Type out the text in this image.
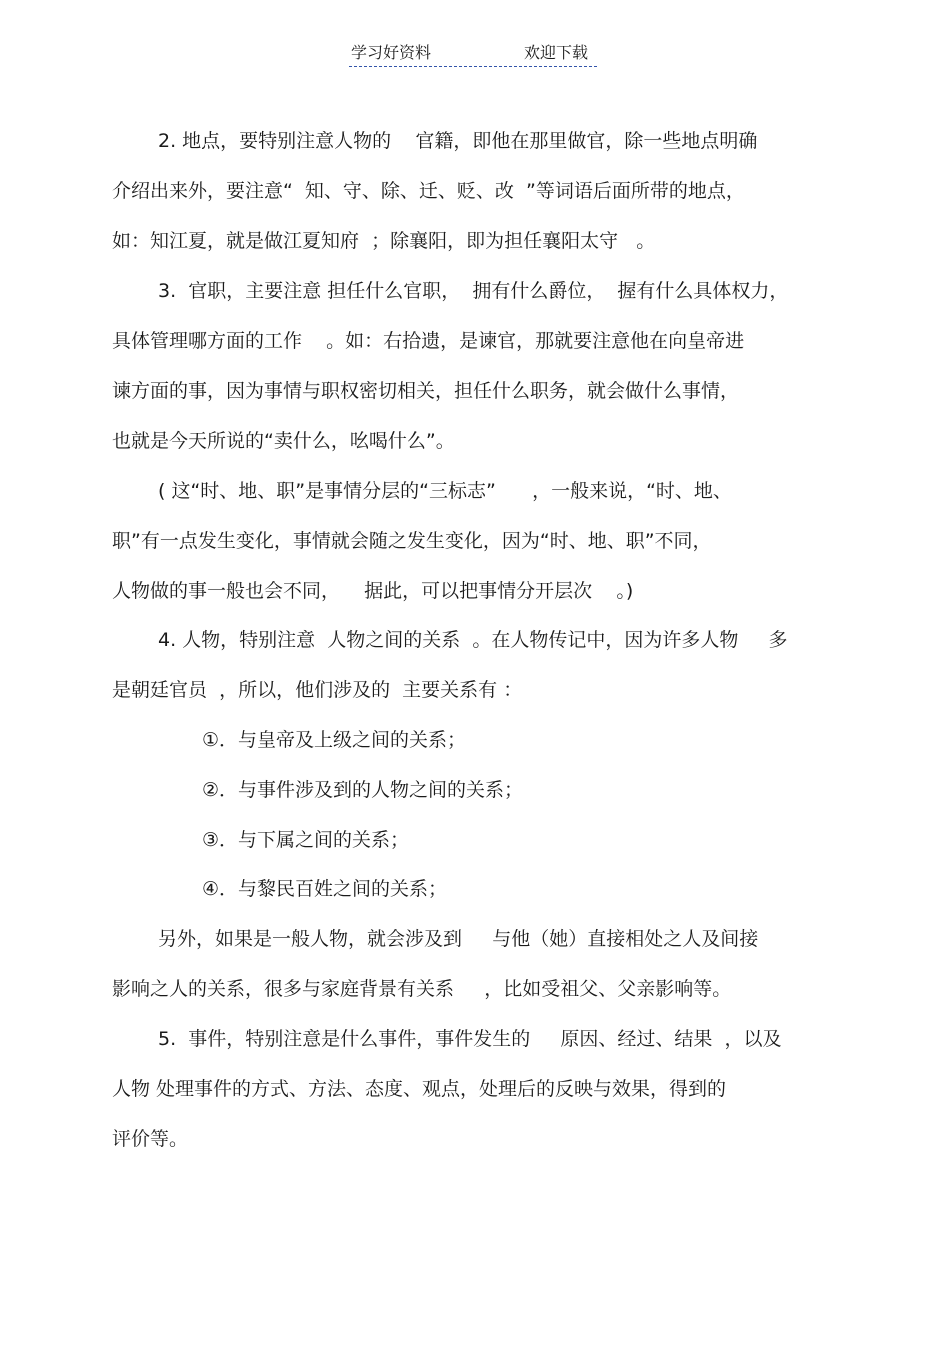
学习好资料	欢迎下载
2. 地点，要特别注意人物的    官籍，即他在那里做官，除一些地点明确
介绍出来外，要注意“  知、守、除、迁、贬、改  ”等词语后面所带的地点，
如：知江夏，就是做江夏知府  ；除襄阳，即为担任襄阳太守   。
3.  官职，主要注意 担任什么官职，  拥有什么爵位，  握有什么具体权力，
具体管理哪方面的工作    。如：右拾遗，是谏官，那就要注意他在向皇帝进
谏方面的事，因为事情与职权密切相关，担任什么职务，就会做什么事情，
也就是今天所说的“卖什么，吆喝什么”。
( 这“时、地、职”是事情分层的“三标志”      ，一般来说，“时、地、
职”有一点发生变化，事情就会随之发生变化，因为“时、地、职”不同，
人物做的事一般也会不同，    据此，可以把事情分开层次    。)
4. 人物，特别注意  人物之间的关系  。在人物传记中，因为许多人物     多
是朝廷官员  ，所以，他们涉及的  主要关系有 ：
①．与皇帝及上级之间的关系；
②．与事件涉及到的人物之间的关系；
③．与下属之间的关系；
④．与黎民百姓之间的关系；
另外，如果是一般人物，就会涉及到     与他（她）直接相处之人及间接
影响之人的关系，很多与家庭背景有关系     ，比如受祖父、父亲影响等。
5.  事件，特别注意是什么事件，事件发生的     原因、经过、结果  ，以及
人物 处理事件的方式、方法、态度、观点，处理后的反映与效果，得到的
评价等。
